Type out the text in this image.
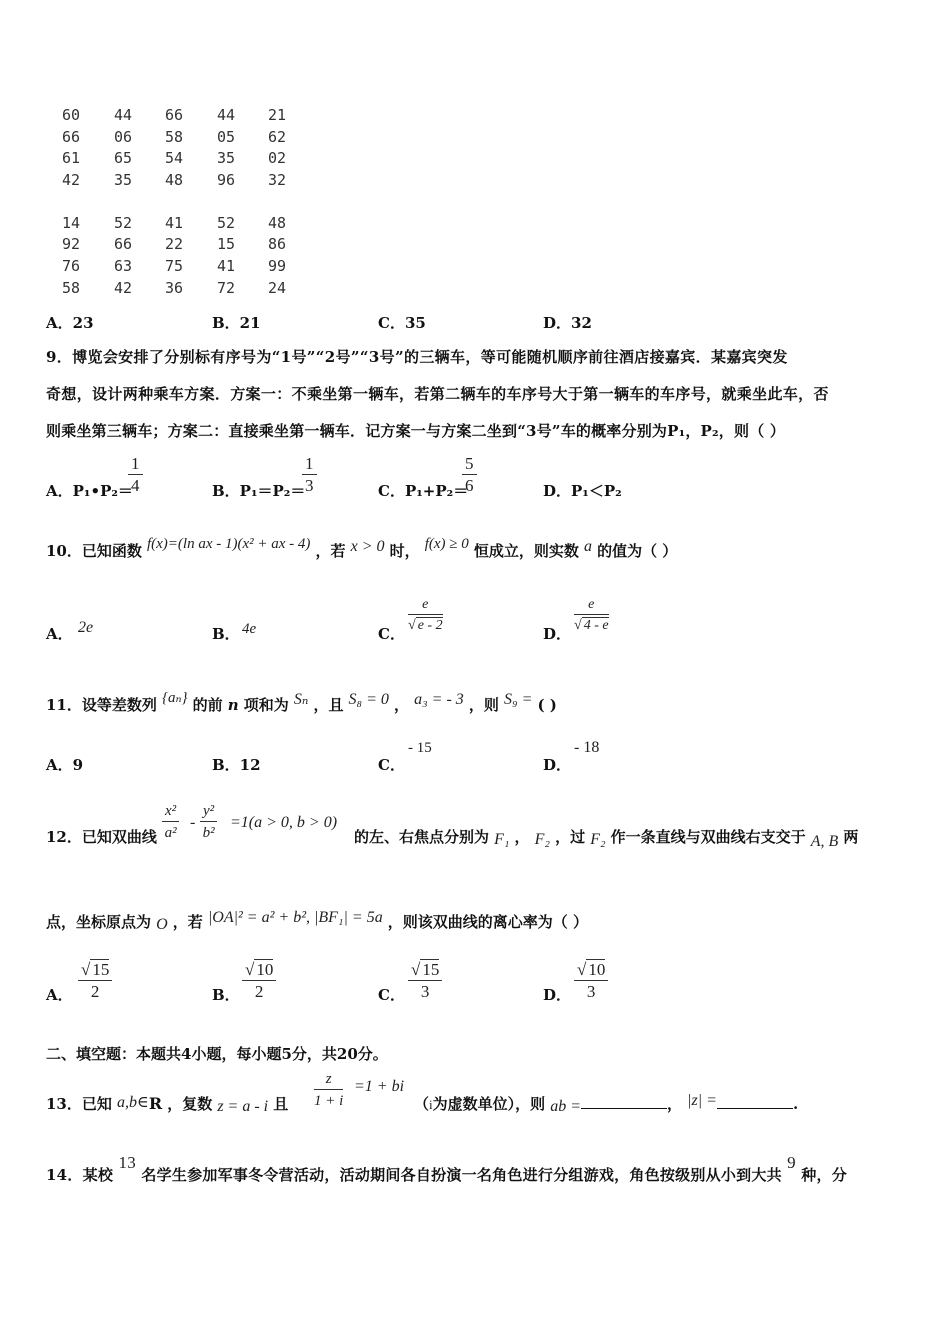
60 44 66 44 21
66 06 58 05 62
61 65 54 35 02
42 35 48 96 32
14 52 41 52 48
92 66 22 15 86
76 63 75 41 99
58 42 36 72 24
A．23	B．21	C．35	D．32
9．博览会安排了分别标有序号为“1号”“2号”“3号”的三辆车，等可能随机顺序前往酒店接嘉宾．某嘉宾突发
奇想，设计两种乘车方案．方案一：不乘坐第一辆车，若第二辆车的车序号大于第一辆车的车序号，就乘坐此车，否
则乘坐第三辆车；方案二：直接乘坐第一辆车．记方案一与方案二坐到“3号”车的概率分别为P₁，P₂，则（ ）
A．P₁•P₂＝
$\frac{1}{4}$	B．P₁＝P₂＝
$\frac{1}{3}$	C．P₁+P₂＝
$\frac{5}{6}$	D．P₁＜P₂
10．已知函数 f(x)=(ln ax - 1)(x² + ax - 4) ，若 x > 0 时， f(x) ≥ 0 恒成立，则实数 a 的值为（ ）
A． 2e	B． 4e	C． $\frac{e}{√ e - 2}$	D． $\frac{e}{√ 4 - e}$
11．设等差数列 {aₙ} 的前 n 项和为 Sₙ ，且 S₈ = 0 ， a₃ = - 3 ，则 S₉ = ( )
A．9	B．12	C．
- 15
D．
- 18
12．已知双曲线 $\frac{\text{x²}}{\text{a²}} - \frac{\text{y²}}{\text{b²}} =1(a > 0$, b > 0)
的左、右焦点分别为 F₁ ， F₂ ，过 F₂ 作一条直线与双曲线右支交于 A, B 两
点，坐标原点为 O ，若 |OA|² = a² + b², |BF₁| = 5a ，则该双曲线的离心率为（ ）
A． $\frac{√ 15}{2}$	B． $\frac{√ 10}{2}$	C． $\frac{√ 15}{3}$	D． $\frac{√ 10}{3}$
二、填空题：本题共4小题，每小题5分，共20分。
13．已知 a,b∈R ，复数 z = a - i 且 $\frac{z}{1 + i} =1$ + bi
（i为虚数单位），则 ab =	， |z| =	.
14．某校 13 名学生参加军事冬令营活动，活动期间各自扮演一名角色进行分组游戏，角色按级别从小到大共 9 种，分
